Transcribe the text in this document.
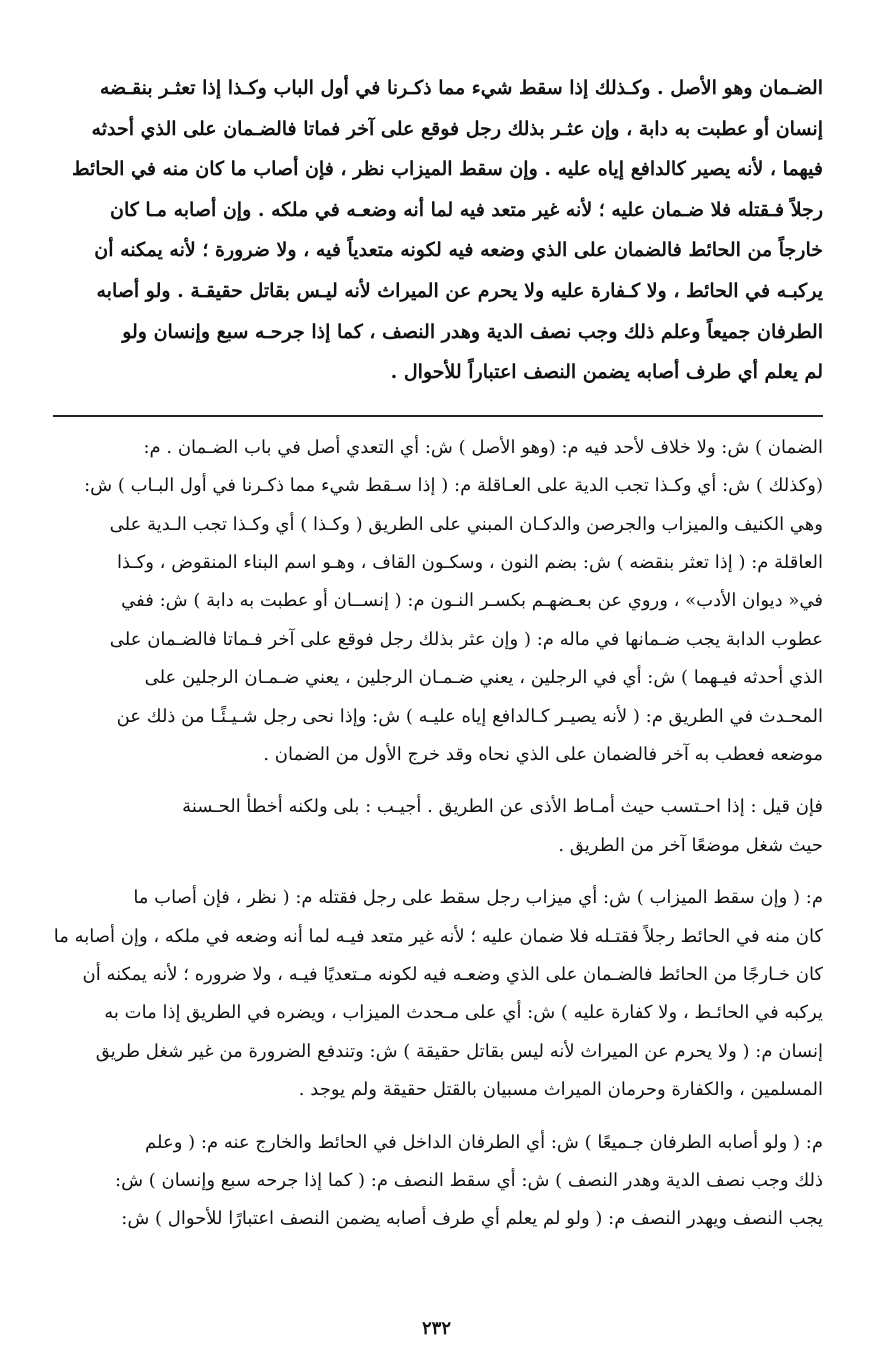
الضـمان وهو الأصل . وكـذلك إذا سقط شيء مما ذكـرنا في أول الباب وكـذا إذا تعثـر بنقـضه
إنسان أو عطبت به دابة ، وإن عثـر بذلك رجل فوقع على آخر فماتا فالضـمان على الذي أحدثه
فيهما ، لأنه يصير كالدافع إياه عليه . وإن سقط الميزاب نظر ، فإن أصاب ما كان منه في الحائط
رجلاً فـقتله فلا ضـمان عليه ؛ لأنه غير متعد فيه لما أنه وضعـه في ملكه . وإن أصابه مـا كان
خارجاً من الحائط فالضمان على الذي وضعه فيه لكونه متعدياً فيه ، ولا ضرورة ؛ لأنه يمكنه أن
يركبـه في الحائط ، ولا كـفارة عليه ولا يحرم عن الميراث لأنه ليـس بقاتل حقيقـة . ولو أصابه
الطرفان جميعاً وعلم ذلك وجب نصف الدية وهدر النصف ، كما إذا جرحـه سبع وإنسان ولو
لم يعلم أي طرف أصابه يضمن النصف اعتباراً للأحوال .
الضمان ) ش: ولا خلاف لأحد فيه م: (وهو الأصل ) ش: أي التعدي أصل في باب الضـمان . م:
(وكذلك ) ش: أي وكـذا تجب الدية على العـاقلة م: ( إذا سـقط شيء مما ذكـرنا في أول البـاب ) ش:
وهي الكنيف والميزاب والجرصن والدكـان المبني على الطريق ( وكـذا ) أي وكـذا تجب الـدية على
العاقلة م: ( إذا تعثر بنقضه ) ش: بضم النون ، وسكـون القاف ، وهـو اسم البناء المنقوض ، وكـذا
في« ديوان الأدب» ، وروي عن بعـضهـم بكسـر النـون م: ( إنســان أو عطبت به دابة ) ش: ففي
عطوب الدابة يجب ضـمانها في ماله م: ( وإن عثر بذلك رجل فوقع على آخر فـماتا فالضـمان على
الذي أحدثه فيـهما ) ش: أي في الرجلين ، يعني ضـمـان الرجلين ، يعني ضـمـان الرجلين على
المحـدث في الطريق م: ( لأنه يصيـر كـالدافع إياه عليـه ) ش: وإذا نحى رجل شـيـئًـا من ذلك عن
موضعه فعطب به آخر فالضمان على الذي نحاه وقد خرج الأول من الضمان .
فإن قيل : إذا احـتسب حيث أمـاط الأذى عن الطريق . أجيـب : بلى ولكنه أخطأ الحـسنة
حيث شغل موضعًا آخر من الطريق .
م: ( وإن سقط الميزاب ) ش: أي ميزاب رجل سقط على رجل فقتله م: ( نظر ، فإن أصاب ما
كان منه في الحائط رجلاً فقتـله فلا ضمان عليه ؛ لأنه غير متعد فيـه لما أنه وضعه في ملكه ، وإن أصابه ما
كان خـارجًا من الحائط فالضـمان على الذي وضعـه فيه لكونه مـتعديًا فيـه ، ولا ضروره ؛ لأنه يمكنه أن
يركبه في الحائـط ، ولا كفارة عليه ) ش: أي على مـحدث الميزاب ، ويضره في الطريق إذا مات به
إنسان م: ( ولا يحرم عن الميراث لأنه ليس بقاتل حقيقة ) ش: وتندفع الضرورة من غير شغل طريق
المسلمين ، والكفارة وحرمان الميراث مسبيان بالقتل حقيقة ولم يوجد .
م: ( ولو أصابه الطرفان جـميعًا ) ش: أي الطرفان الداخل في الحائط والخارج عنه م: ( وعلم
ذلك وجب نصف الدية وهدر النصف ) ش: أي سقط النصف م: ( كما إذا جرحه سبع وإنسان ) ش:
يجب النصف ويهدر النصف م: ( ولو لم يعلم أي طرف أصابه يضمن النصف اعتبارًا للأحوال ) ش:
٢٣٢
